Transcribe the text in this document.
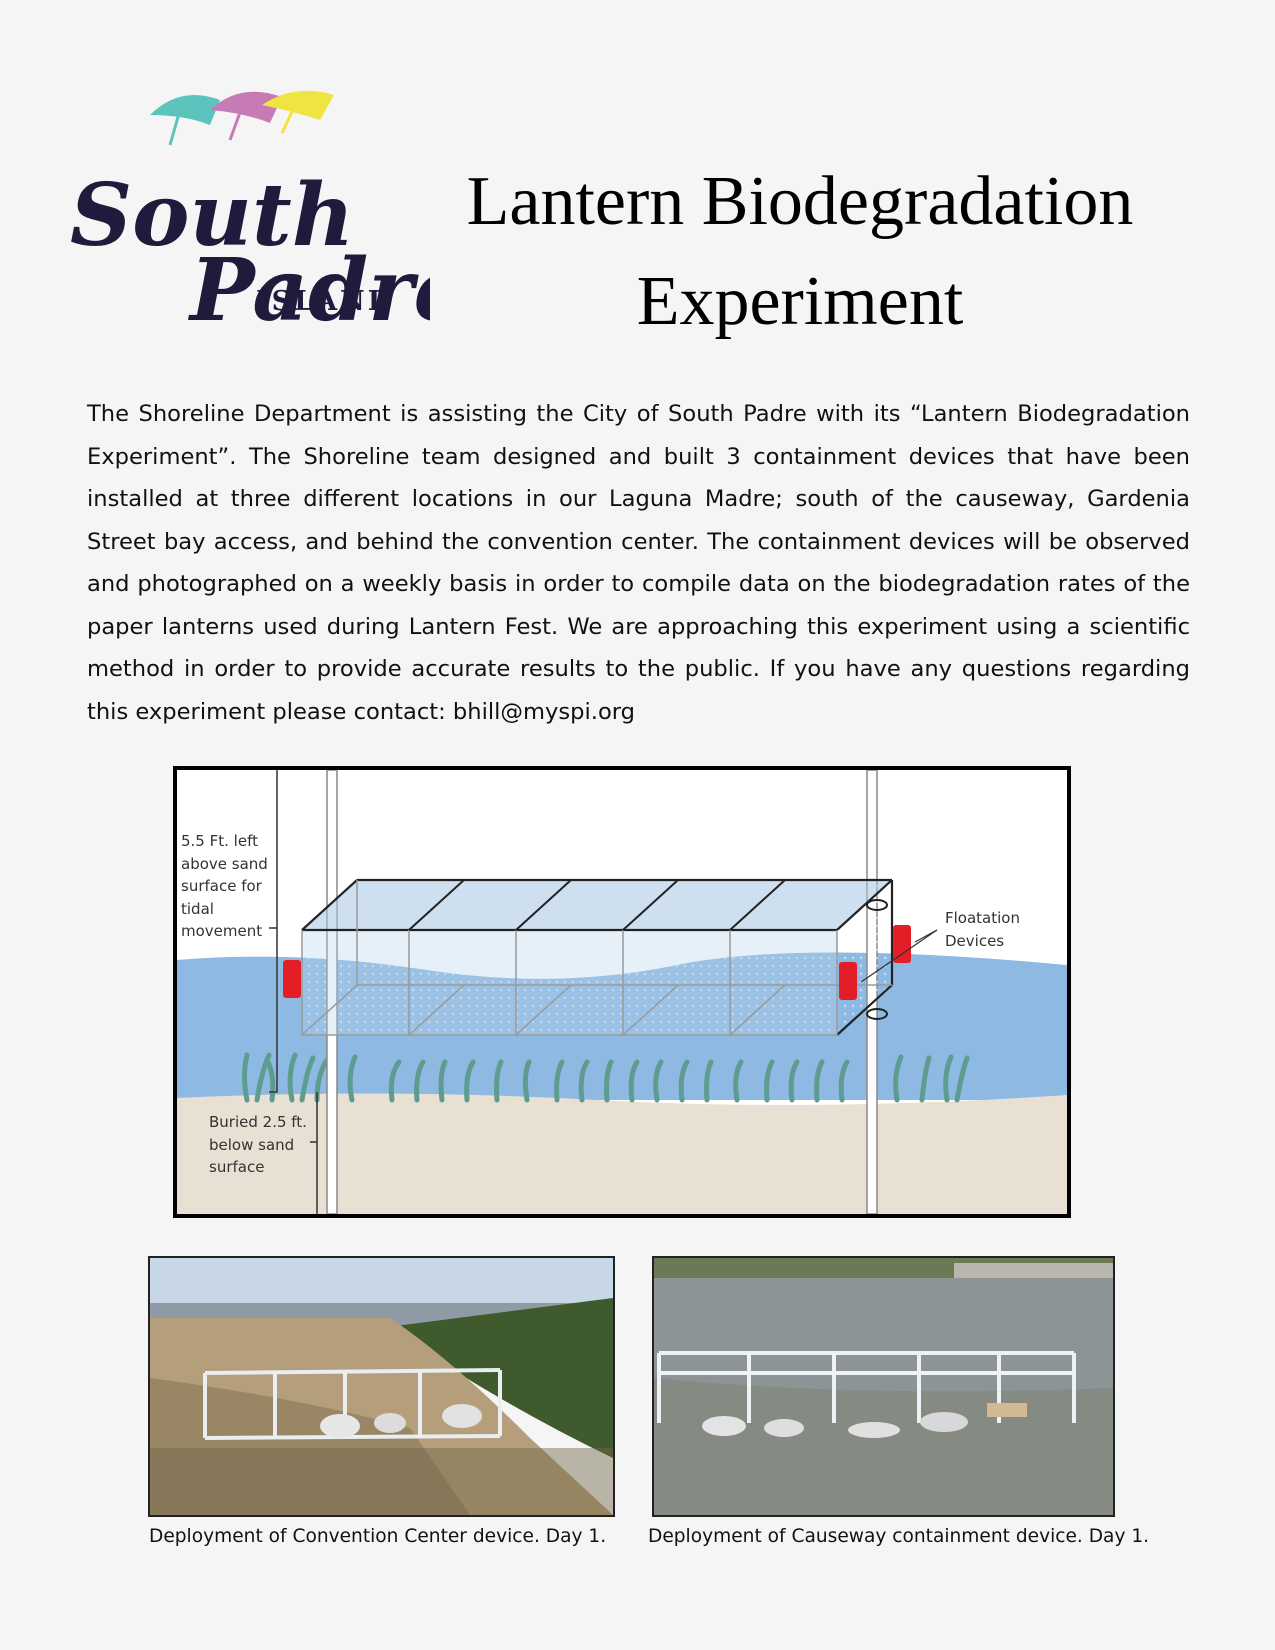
South
Padr
ISLAND
Lantern Biodegradation
Experiment
The Shoreline Department is assisting the City of South Padre with its “Lantern Biodegradation Experiment”. The Shoreline team designed and built 3 containment devices that have been installed at three different locations in our Laguna Madre; south of the causeway, Gardenia Street bay access, and behind the convention center. The containment devices will be observed and photographed on a weekly basis in order to compile data on the biodegradation rates of the paper lanterns used during Lantern Fest. We are approaching this experiment using a scientific method in order to provide accurate results to the public. If you have any questions regarding this experiment please contact: bhill@myspi.org
5.5 Ft. left
above sand
surface for
tidal
movement
Buried 2.5 ft.
below sand
surface
Floatation
Devices
Deployment of Convention Center device. Day 1. Deployment of Causeway containment device. Day 1.
